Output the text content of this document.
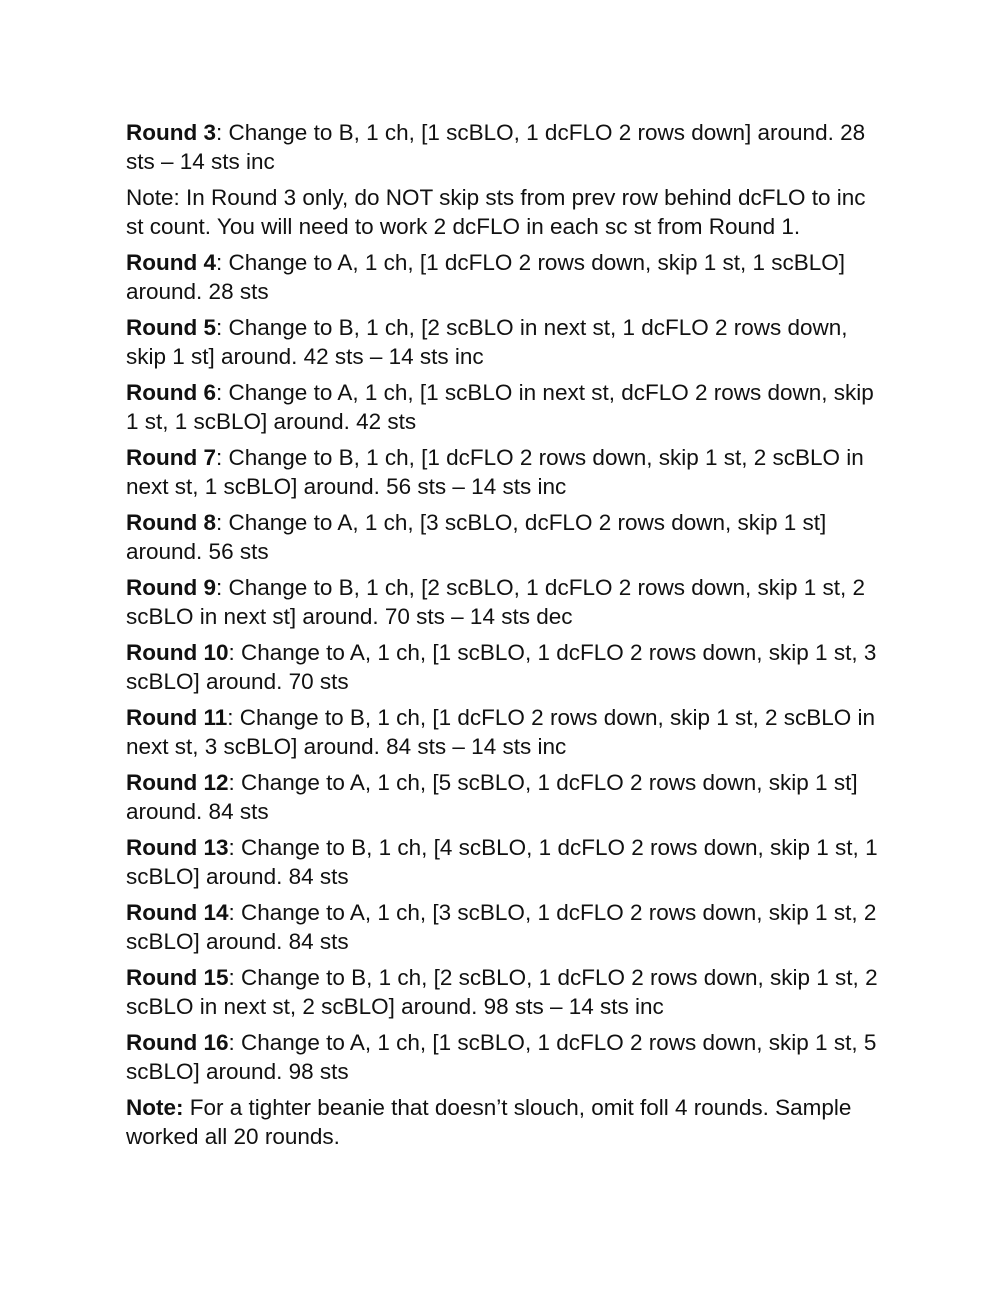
Round 3: Change to B, 1 ch, [1 scBLO, 1 dcFLO 2 rows down] around. 28 sts – 14 sts inc

Note: In Round 3 only, do NOT skip sts from prev row behind dcFLO to inc st count. You will need to work 2 dcFLO in each sc st from Round 1.

Round 4: Change to A, 1 ch, [1 dcFLO 2 rows down, skip 1 st, 1 scBLO] around. 28 sts

Round 5: Change to B, 1 ch, [2 scBLO in next st, 1 dcFLO 2 rows down, skip 1 st] around. 42 sts – 14 sts inc

Round 6: Change to A, 1 ch, [1 scBLO in next st, dcFLO 2 rows down, skip 1 st, 1 scBLO] around. 42 sts

Round 7: Change to B, 1 ch, [1 dcFLO 2 rows down, skip 1 st, 2 scBLO in next st, 1 scBLO] around. 56 sts – 14 sts inc

Round 8: Change to A, 1 ch, [3 scBLO, dcFLO 2 rows down, skip 1 st] around. 56 sts

Round 9: Change to B, 1 ch, [2 scBLO, 1 dcFLO 2 rows down, skip 1 st, 2 scBLO in next st] around. 70 sts – 14 sts dec

Round 10: Change to A, 1 ch, [1 scBLO, 1 dcFLO 2 rows down, skip 1 st, 3 scBLO] around. 70 sts

Round 11: Change to B, 1 ch, [1 dcFLO 2 rows down, skip 1 st, 2 scBLO in next st, 3 scBLO] around. 84 sts – 14 sts inc

Round 12: Change to A, 1 ch, [5 scBLO, 1 dcFLO 2 rows down, skip 1 st] around. 84 sts

Round 13: Change to B, 1 ch, [4 scBLO, 1 dcFLO 2 rows down, skip 1 st, 1 scBLO] around. 84 sts

Round 14: Change to A, 1 ch, [3 scBLO, 1 dcFLO 2 rows down, skip 1 st, 2 scBLO] around. 84 sts

Round 15: Change to B, 1 ch, [2 scBLO, 1 dcFLO 2 rows down, skip 1 st, 2 scBLO in next st, 2 scBLO] around. 98 sts – 14 sts inc

Round 16: Change to A, 1 ch, [1 scBLO, 1 dcFLO 2 rows down, skip 1 st, 5 scBLO] around. 98 sts

Note: For a tighter beanie that doesn’t slouch, omit foll 4 rounds. Sample worked all 20 rounds.
